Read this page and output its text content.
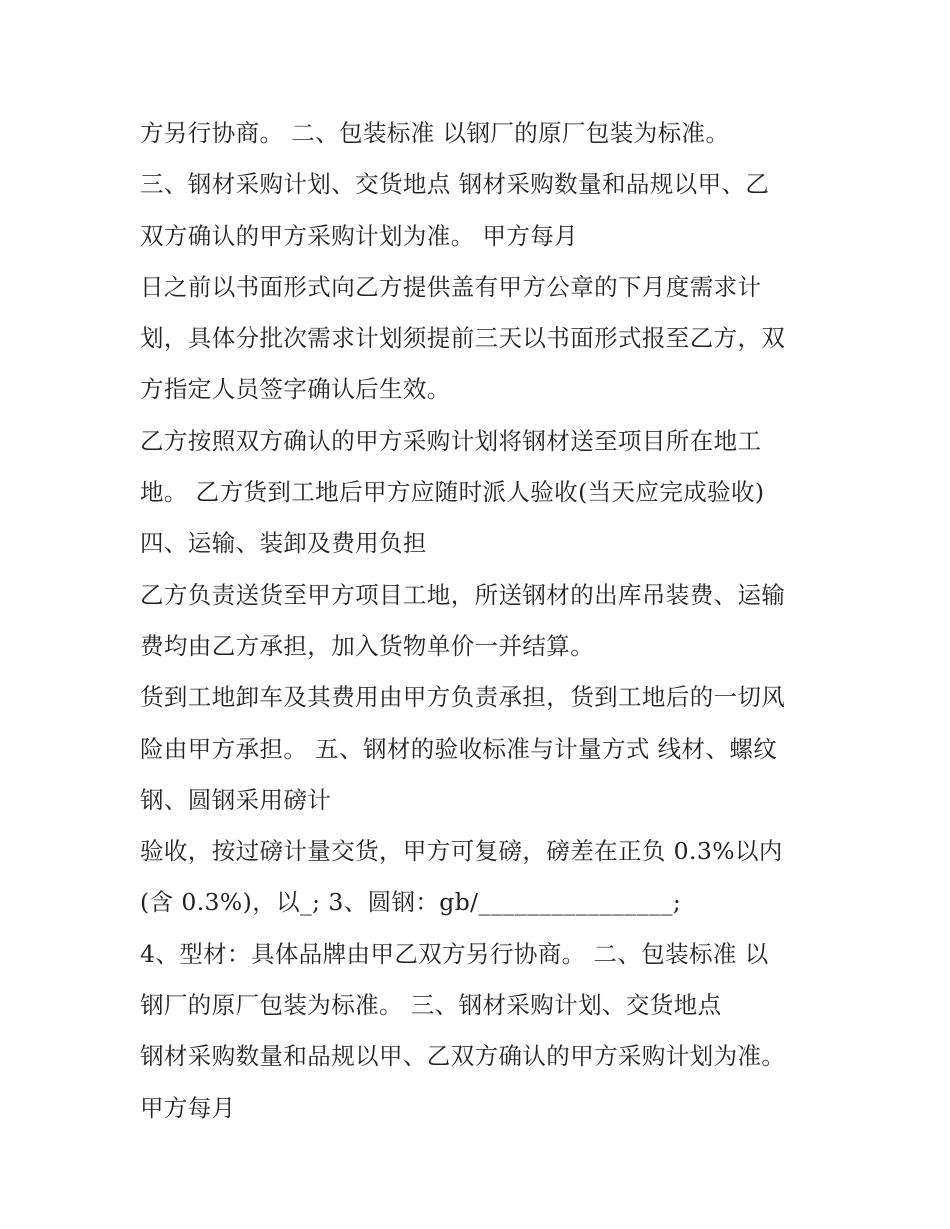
方另行协商。 二、包装标准 以钢厂的原厂包装为标准。
三、钢材采购计划、交货地点 钢材采购数量和品规以甲、乙
双方确认的甲方采购计划为准。 甲方每月
日之前以书面形式向乙方提供盖有甲方公章的下月度需求计
划，具体分批次需求计划须提前三天以书面形式报至乙方，双
方指定人员签字确认后生效。
乙方按照双方确认的甲方采购计划将钢材送至项目所在地工
地。 乙方货到工地后甲方应随时派人验收(当天应完成验收)
四、运输、装卸及费用负担
乙方负责送货至甲方项目工地，所送钢材的出库吊装费、运输
费均由乙方承担，加入货物单价一并结算。
货到工地卸车及其费用由甲方负责承担，货到工地后的一切风
险由甲方承担。 五、钢材的验收标准与计量方式 线材、螺纹
钢、圆钢采用磅计
验收，按过磅计量交货，甲方可复磅，磅差在正负 0.3%以内
(含 0.3%)，以_; 3、圆钢：gb/________________;
4、型材：具体品牌由甲乙双方另行协商。 二、包装标准 以
钢厂的原厂包装为标准。 三、钢材采购计划、交货地点
钢材采购数量和品规以甲、乙双方确认的甲方采购计划为准。
甲方每月
